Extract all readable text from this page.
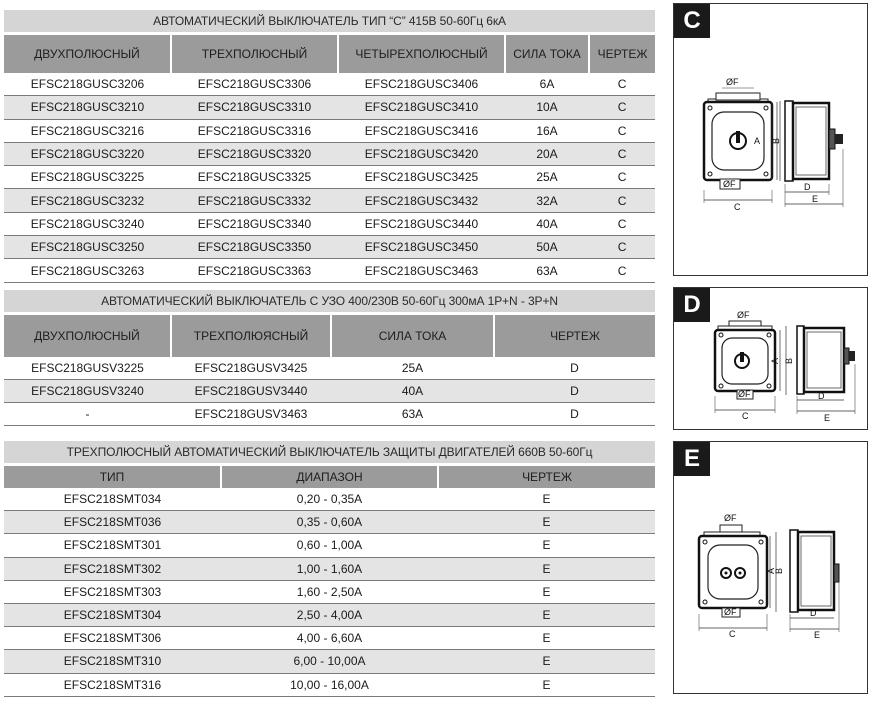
АВТОМАТИЧЕСКИЙ ВЫКЛЮЧАТЕЛЬ ТИП “C” 415В 50-60Гц 6кА				
ДВУХПОЛЮСНЫЙ	ТРЕХПОЛЮСНЫЙ	ЧЕТЫРЕХПОЛЮСНЫЙ	СИЛА ТОКА	ЧЕРТЕЖ
EFSC218GUSC3206	EFSC218GUSC3306	EFSC218GUSC3406	6A	C
EFSC218GUSC3210	EFSC218GUSC3310	EFSC218GUSC3410	10A	C
EFSC218GUSC3216	EFSC218GUSC3316	EFSC218GUSC3416	16A	C
EFSC218GUSC3220	EFSC218GUSC3320	EFSC218GUSC3420	20A	C
EFSC218GUSC3225	EFSC218GUSC3325	EFSC218GUSC3425	25A	C
EFSC218GUSC3232	EFSC218GUSC3332	EFSC218GUSC3432	32A	C
EFSC218GUSC3240	EFSC218GUSC3340	EFSC218GUSC3440	40A	C
EFSC218GUSC3250	EFSC218GUSC3350	EFSC218GUSC3450	50A	C
EFSC218GUSC3263	EFSC218GUSC3363	EFSC218GUSC3463	63A	C
АВТОМАТИЧЕСКИЙ ВЫКЛЮЧАТЕЛЬ С УЗО 400/230В 50-60Гц 300мА 1Р+N - 3Р+N			
ДВУХПОЛЮСНЫЙ	ТРЕХПОЛЮЯСНЫЙ	СИЛА ТОКА	ЧЕРТЕЖ
EFSC218GUSV3225	EFSC218GUSV3425	25A	D
EFSC218GUSV3240	EFSC218GUSV3440	40A	D
-	EFSC218GUSV3463	63A	D
ТРЕХПОЛЮСНЫЙ АВТОМАТИЧЕСКИЙ ВЫКЛЮЧАТЕЛЬ ЗАЩИТЫ ДВИГАТЕЛЕЙ 660В 50-60Гц		
ТИП	ДИАПАЗОН	ЧЕРТЕЖ
EFSC218SMT034	0,20 - 0,35A	E
EFSC218SMT036	0,35 - 0,60A	E
EFSC218SMT301	0,60 - 1,00A	E
EFSC218SMT302	1,00 - 1,60A	E
EFSC218SMT303	1,60 - 2,50A	E
EFSC218SMT304	2,50 - 4,00A	E
EFSC218SMT306	4,00 - 6,60A	E
EFSC218SMT310	6,00 - 10,00A	E
EFSC218SMT316	10,00 - 16,00A	E
ØF
ØF
A B
C
D
E
C
ØF
ØF
A B
C
D
E
D
ØF
ØF
A
B
C
D
E
E
